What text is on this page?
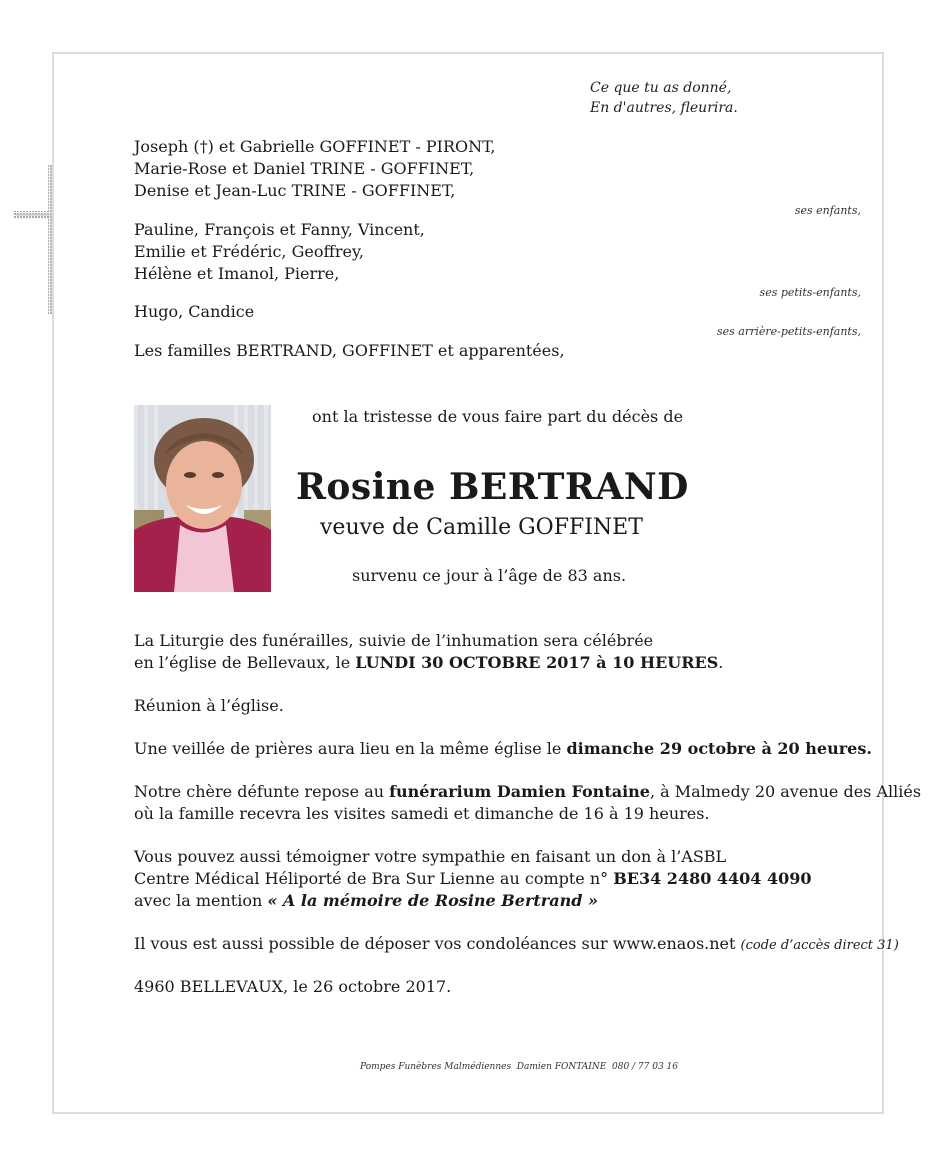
Ce que tu as donné,
En d'autres, fleurira.
Joseph (†) et Gabrielle GOFFINET - PIRONT,
Marie-Rose et Daniel TRINE - GOFFINET,
Denise et Jean-Luc TRINE - GOFFINET,
ses enfants,
Pauline, François et Fanny, Vincent,
Emilie et Frédéric, Geoffrey,
Hélène et Imanol, Pierre,
ses petits-enfants,
Hugo, Candice
ses arrière-petits-enfants,
Les familles BERTRAND, GOFFINET et apparentées,
ont la tristesse de vous faire part du décès de
Rosine BERTRAND
veuve de Camille GOFFINET
survenu ce jour à l’âge de 83 ans.
La Liturgie des funérailles, suivie de l’inhumation sera célébrée
en l’église de Bellevaux, le LUNDI 30 OCTOBRE 2017 à 10 HEURES.
Réunion à l’église.
Une veillée de prières aura lieu en la même église le dimanche 29 octobre à 20 heures.
Notre chère défunte repose au funérarium Damien Fontaine, à Malmedy 20 avenue des Alliés
où la famille recevra les visites samedi et dimanche de 16 à 19 heures.
Vous pouvez aussi témoigner votre sympathie en faisant un don à l’ASBL
Centre Médical Héliporté de Bra Sur Lienne au compte n° BE34 2480 4404 4090
avec la mention « A la mémoire de Rosine Bertrand »
Il vous est aussi possible de déposer vos condoléances sur www.enaos.net (code d’accès direct 31)
4960 BELLEVAUX, le 26 octobre 2017.
Pompes Funèbres Malmédiennes  Damien FONTAINE  080 / 77 03 16
